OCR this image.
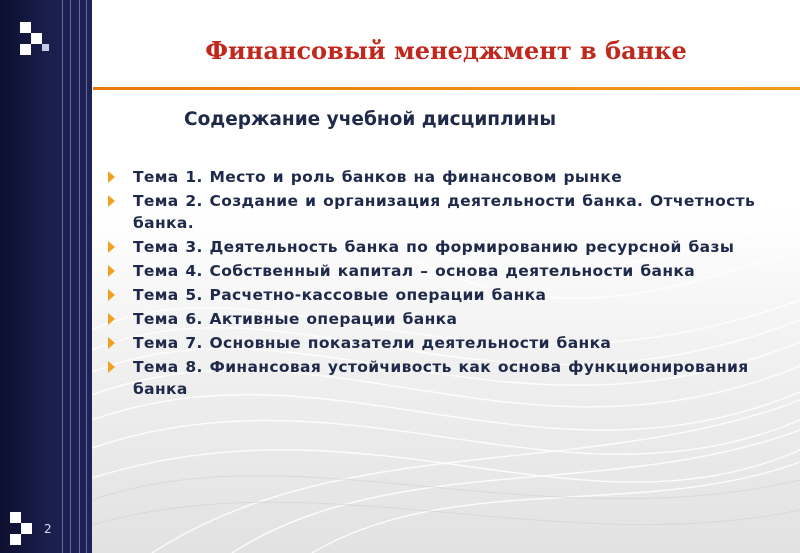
Финансовый менеджмент в банке
Содержание учебной дисциплины
Тема 1. Место и роль банков на финансовом рынке
Тема 2. Создание и организация деятельности банка. Отчетность банка.
Тема 3. Деятельность банка по формированию ресурсной базы
Тема 4. Собственный капитал – основа деятельности банка
Тема 5. Расчетно-кассовые операции банка
Тема 6. Активные операции банка
Тема 7. Основные показатели деятельности банка
Тема 8. Финансовая устойчивость как основа функционирования банка
2
